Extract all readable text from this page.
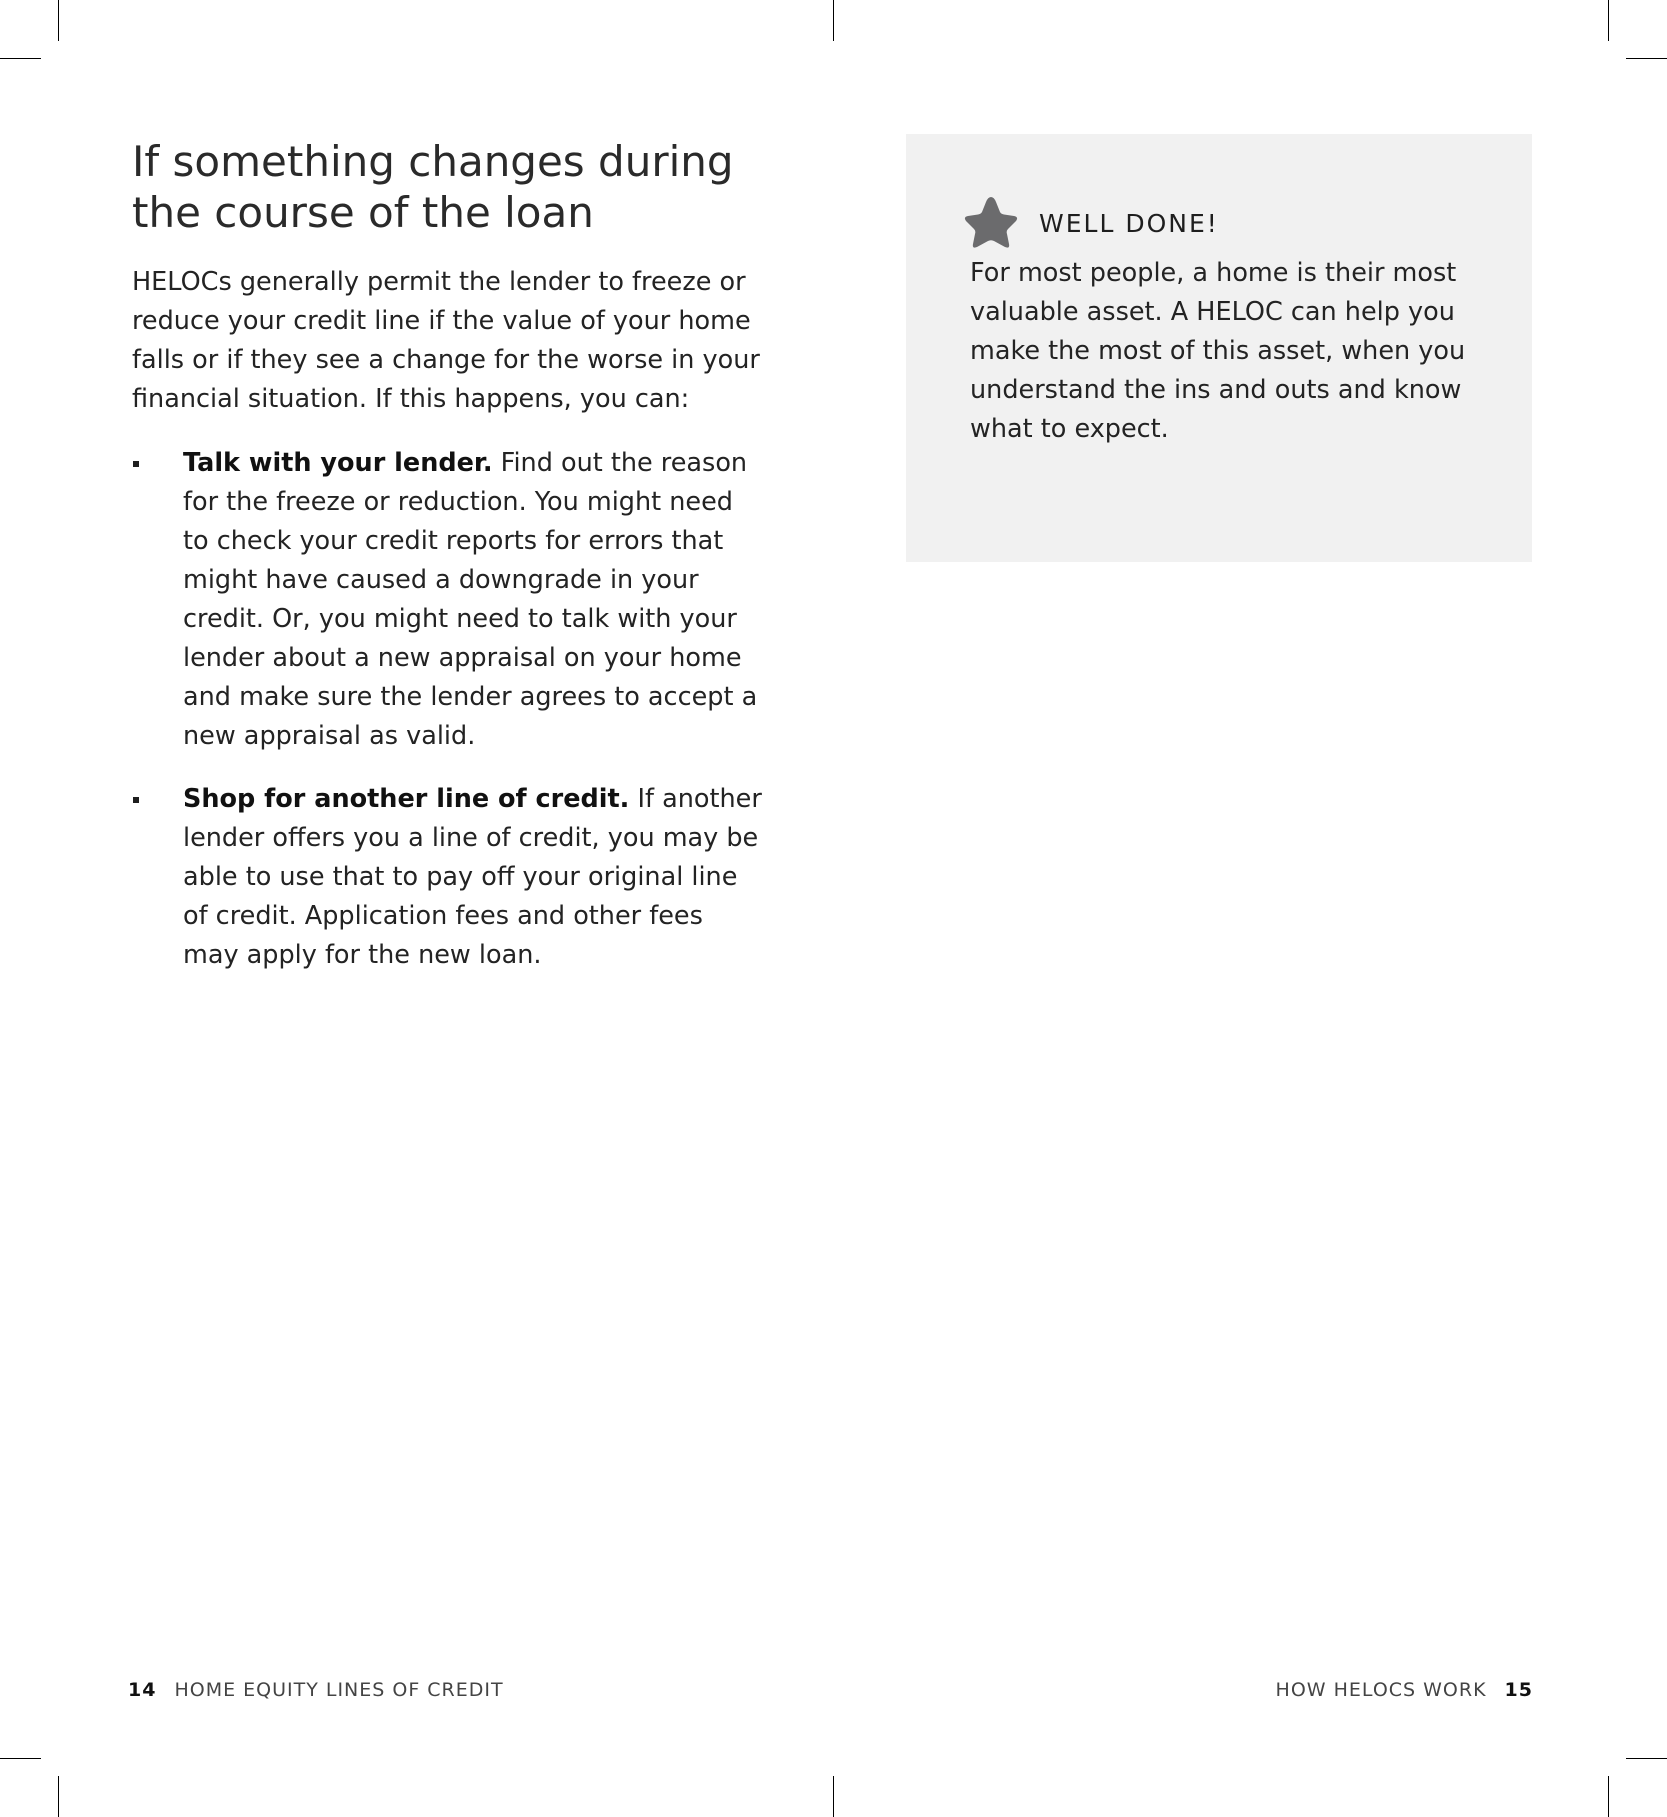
If something changes during the course of the loan

HELOCs generally permit the lender to freeze or reduce your credit line if the value of your home falls or if they see a change for the worse in your financial situation. If this happens, you can:

Talk with your lender. Find out the reason for the freeze or reduction. You might need to check your credit reports for errors that might have caused a downgrade in your credit. Or, you might need to talk with your lender about a new appraisal on your home and make sure the lender agrees to accept a new appraisal as valid.
Shop for another line of credit. If another lender offers you a line of credit, you may be able to use that to pay off your original line of credit. Application fees and other fees may apply for the new loan.
14 HOME EQUITY LINES OF CREDIT
WELL DONE!

For most people, a home is their most valuable asset. A HELOC can help you make the most of this asset, when you understand the ins and outs and know what to expect.

HOW HELOCS WORK 15
